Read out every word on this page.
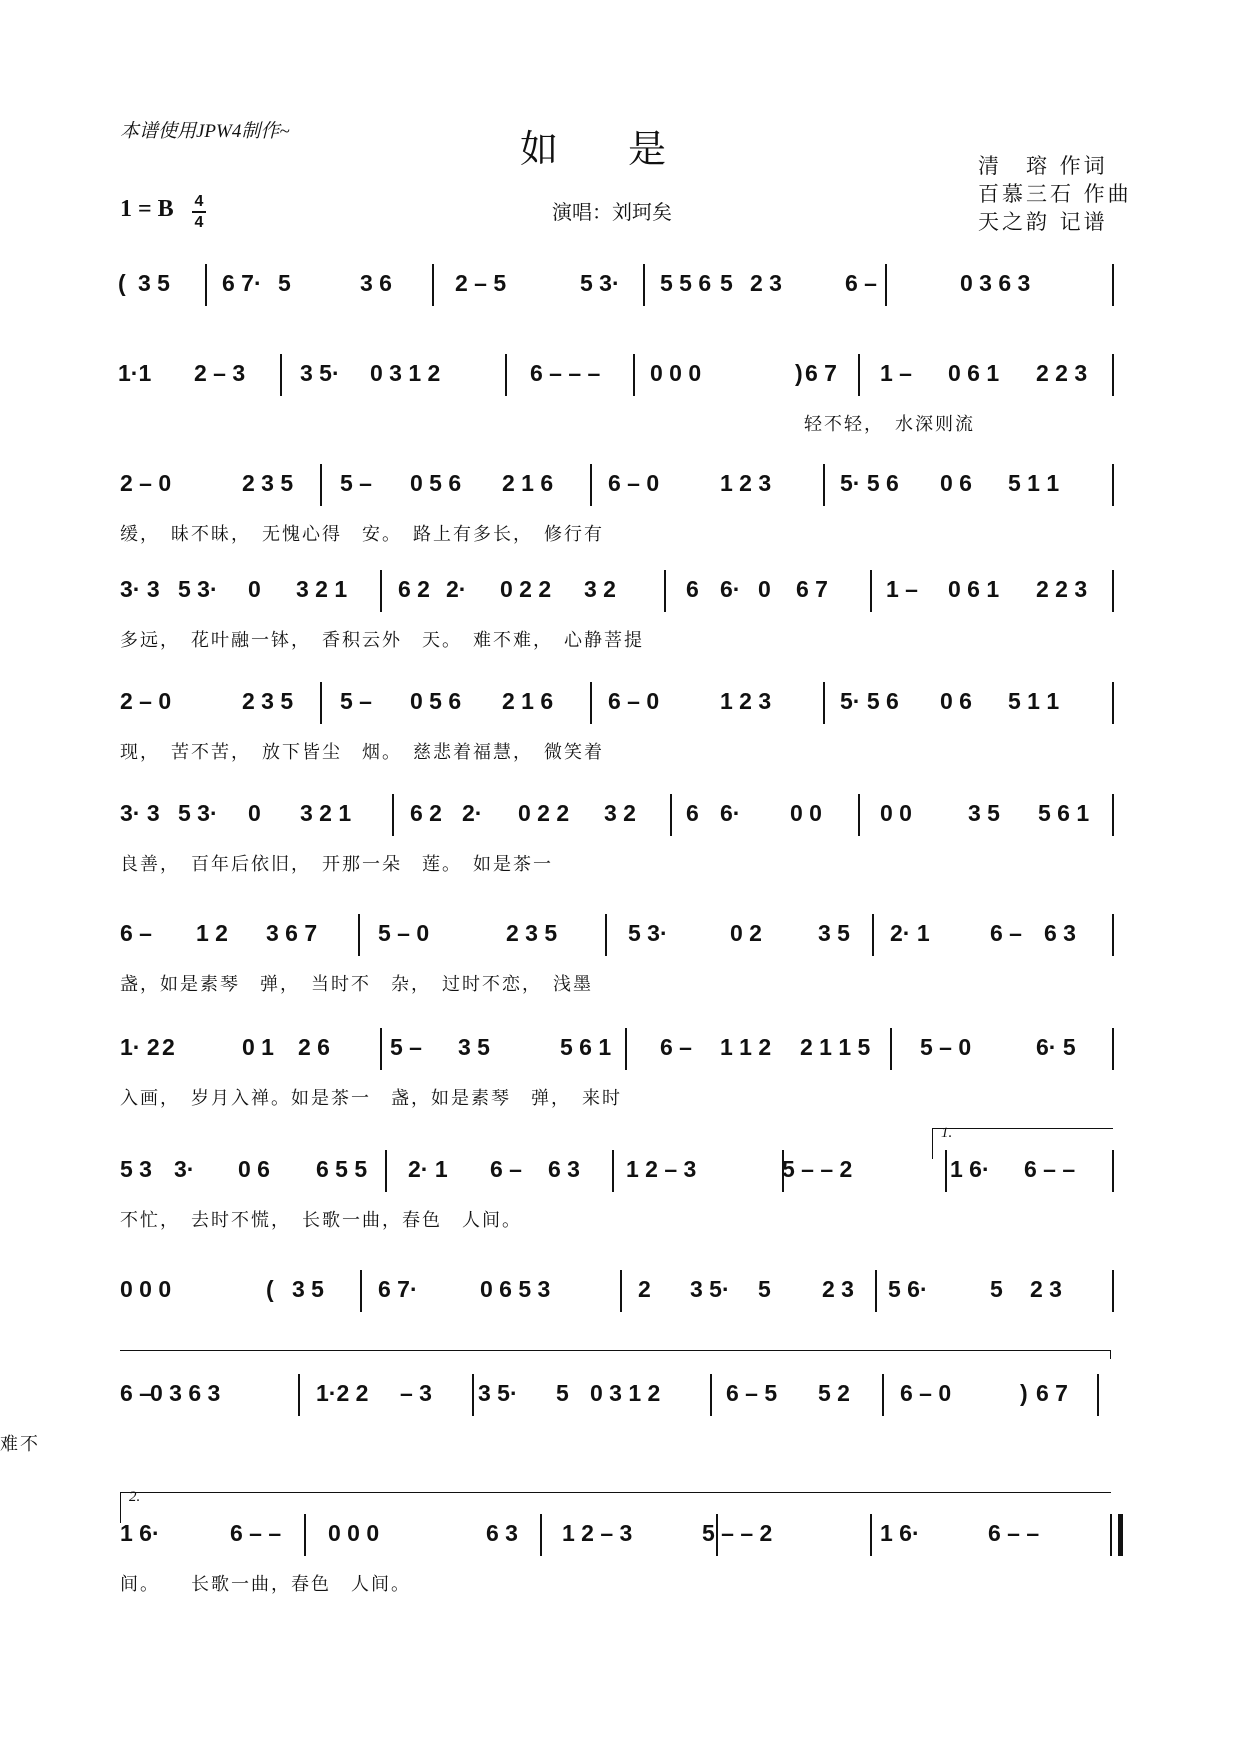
本谱使用JPW4制作~	如是
演唱：刘珂矣
清　瑢 作词
百慕三石 作曲
天之韵 记谱
1 = B 4
4
( 3 5 6 7· 5	3 6	2 – 5	5 3· 5 5 6 5 2 3	6 –	0 3 6 3
1·1 2 – 3 3 5· 0 3 1 2	6 – – – 0 0 0	) 6 7 1 – 0 6 1 2 2 3
轻不轻，　水深则流
2 – 0	2 3 5 5 – 0 5 6 2 1 6 6 – 0	1 2 3	5· 5 6 0 6 5 1 1
缓，　昧不昧，　无愧心得　安。　路上有多长，　修行有
3· 3 5 3· 0 3 2 1 6 2 2· 0 2 2 3 2	6 6· 0 6 7	1 – 0 6 1 2 2 3
多远，　花叶融一钵，　香积云外　天。　难不难，　心静菩提
2 – 0	2 3 5 5 – 0 5 6 2 1 6 6 – 0	1 2 3	5· 5 6 0 6 5 1 1
现，　苦不苦，　放下皆尘　烟。　慈悲着福慧，　微笑着
3· 3 5 3· 0 3 2 1	6 2 2· 0 2 2 3 2 6 6· 0 0	0 0 3 5 5 6 1
良善，　百年后依旧，　开那一朵　莲。　如是茶一
6 – 1 2 3 6 7	5 – 0	2 3 5	5 3·	0 2 3 5 2· 1	6 – 6 3
盏，如是素琴　弹，　当时不　杂，　过时不恋，　浅墨
1· 2 2	0 1 2 6	5 – 3 5	5 6 1 6 – 1 1 2 2 1 1 5 5 – 0	6· 5
入画，　岁月入禅。如是茶一　盏，如是素琴　弹，　来时
5 3 3· 0 6 6 5 5 2· 1 6 – 6 3 1 2 – 3	5 – – 2	1 6· 6 – –
不忙，　去时不慌，　长歌一曲，春色　人间。
1.
0 0 0	( 3 5 6 7·	0 6 5 3	2 3 5· 5 2 3 5 6·	5 2 3
6 –
0 3 6 3	1·2 2 – 3 3 5· 5 0 3 1 2	6 – 5 5 2 6 – 0	) 6 7
难不
1 6·	6 – – 0 0 0	6 3 1 2 – 3	5 – – 2	1 6·	6 – –
间。　　长歌一曲，春色　人间。
2.
